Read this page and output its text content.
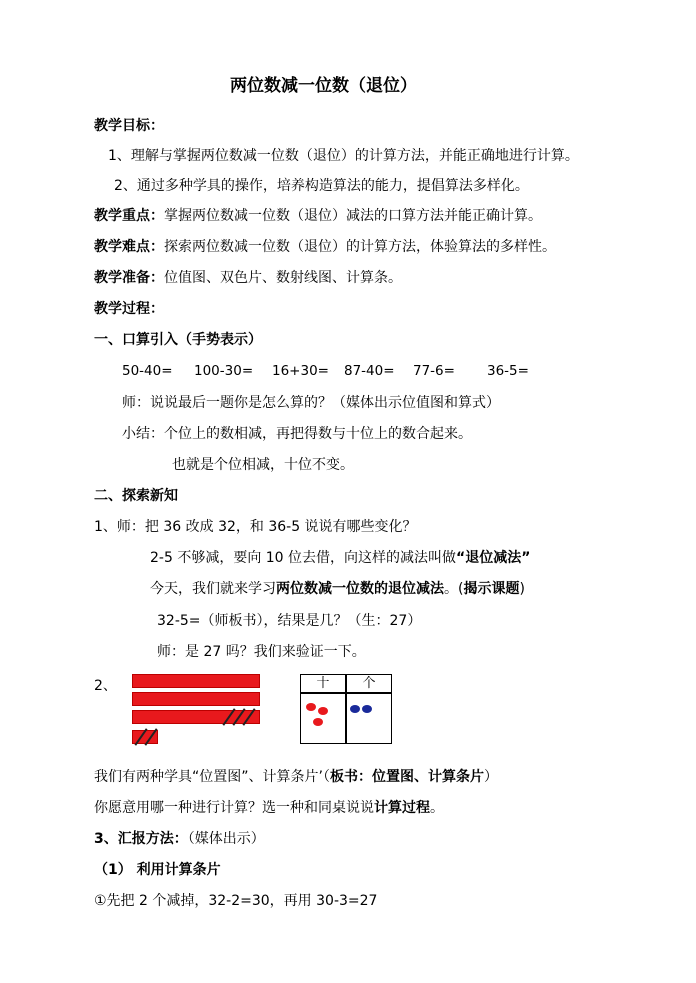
两位数减一位数（退位）
教学目标：
1、理解与掌握两位数减一位数（退位）的计算方法，并能正确地进行计算。
2、通过多种学具的操作，培养构造算法的能力，提倡算法多样化。
教学重点：掌握两位数减一位数（退位）减法的口算方法并能正确计算。
教学难点：探索两位数减一位数（退位）的计算方法，体验算法的多样性。
教学准备：位值图、双色片、数射线图、计算条。
教学过程：
一、口算引入（手势表示）
50-40= 100-30= 16+30= 87-40= 77-6= 36-5=
师：说说最后一题你是怎么算的？（媒体出示位值图和算式）
小结：个位上的数相减，再把得数与十位上的数合起来。
也就是个位相减，十位不变。
二、探索新知
1、师：把 36 改成 32，和 36-5 说说有哪些变化？
2-5 不够减，要向 10 位去借，向这样的减法叫做“退位减法”
今天，我们就来学习两位数减一位数的退位减法。(揭示课题)
32-5=（师板书），结果是几？（生：27）
师：是 27 吗？我们来验证一下。
2、	十	个
我们有两种学具“位置图”、计算条片’（板书：位置图、计算条片）
你愿意用哪一种进行计算？选一种和同桌说说计算过程。
3、汇报方法：（媒体出示）
（1） 利用计算条片
①先把 2 个减掉，32-2=30，再用 30-3=27
